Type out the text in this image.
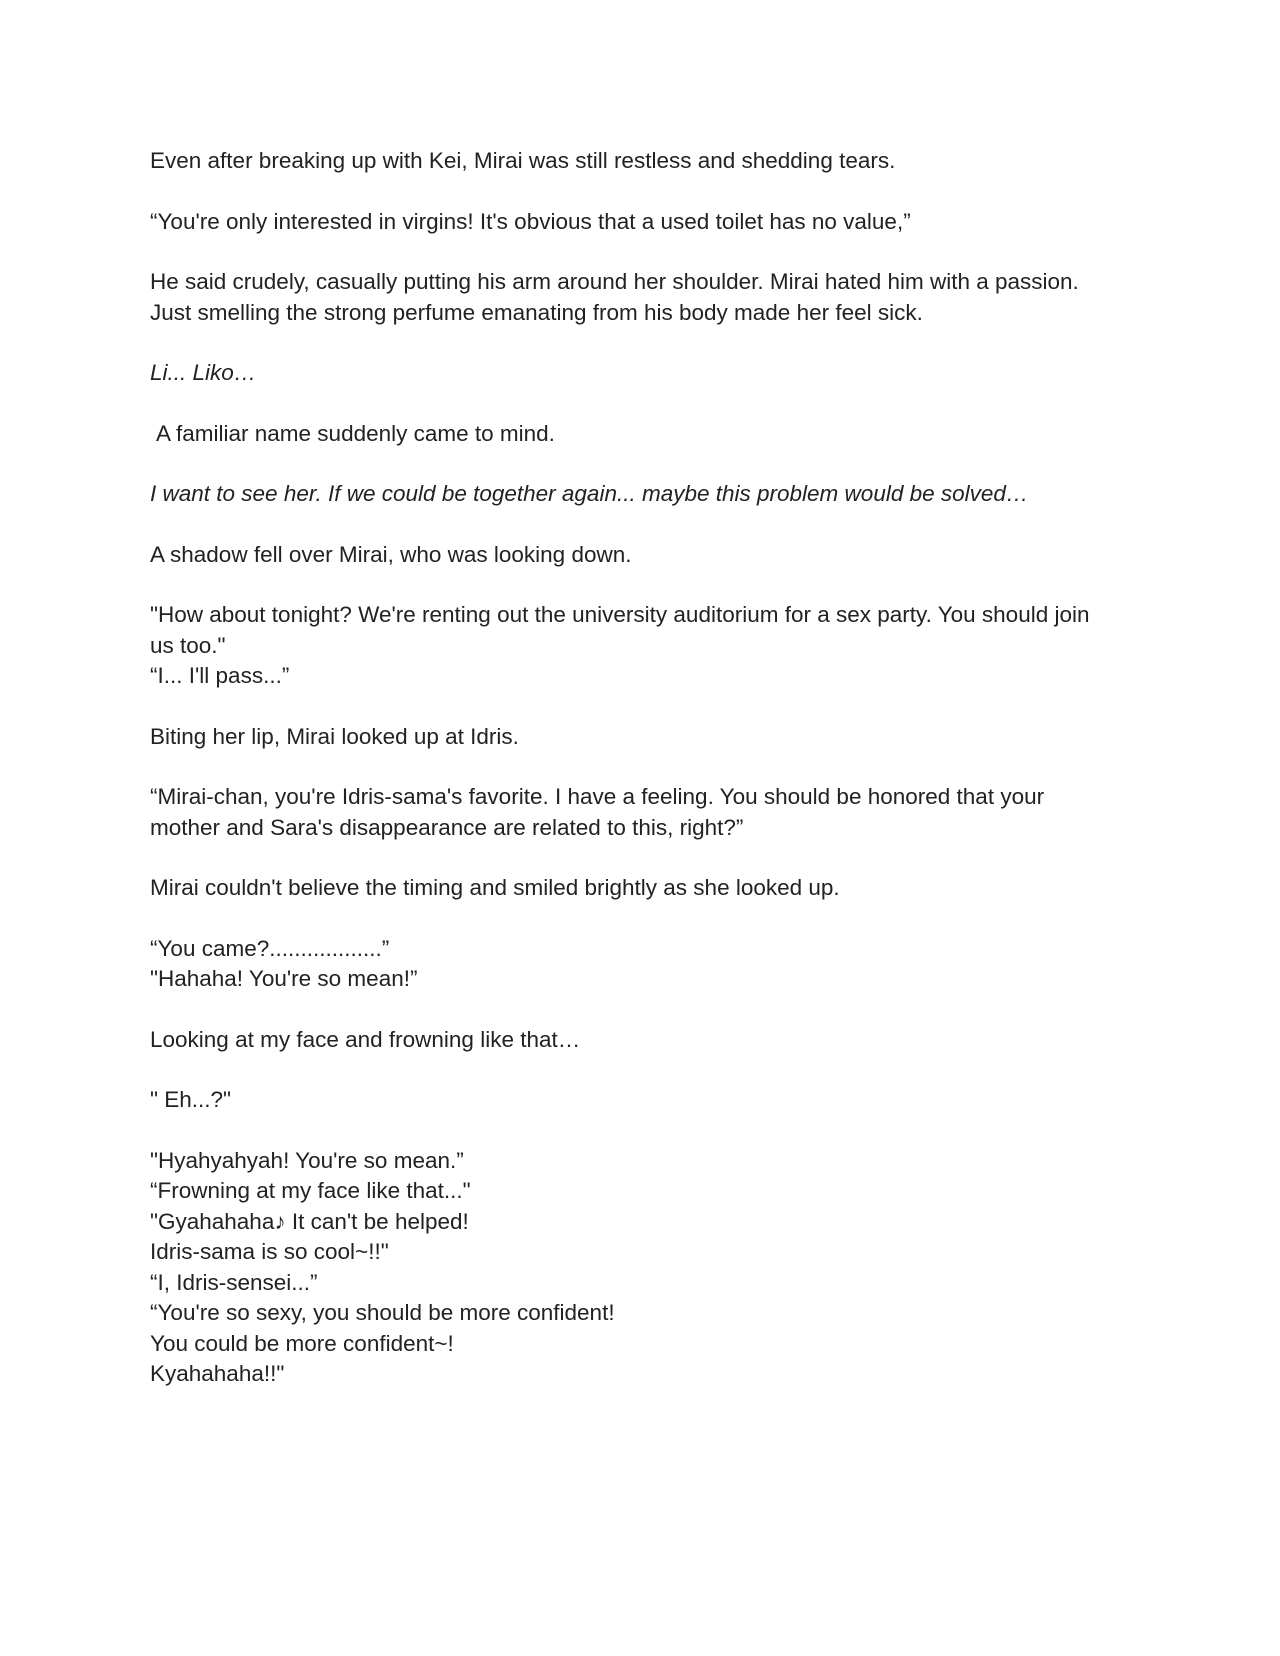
Even after breaking up with Kei, Mirai was still restless and shedding tears.

“You're only interested in virgins! It's obvious that a used toilet has no value,”

He said crudely, casually putting his arm around her shoulder. Mirai hated him with a passion.
Just smelling the strong perfume emanating from his body made her feel sick.

Li... Liko…

A familiar name suddenly came to mind.

I want to see her. If we could be together again... maybe this problem would be solved…

A shadow fell over Mirai, who was looking down.

"How about tonight? We're renting out the university auditorium for a sex party. You should join
us too."
“I... I'll pass...”

Biting her lip, Mirai looked up at Idris.

“Mirai-chan, you're Idris-sama's favorite. I have a feeling. You should be honored that your
mother and Sara's disappearance are related to this, right?”

Mirai couldn't believe the timing and smiled brightly as she looked up.

“You came?..................”
"Hahaha! You're so mean!”

Looking at my face and frowning like that…

" Eh...?"

"Hyahyahyah! You're so mean.”
“Frowning at my face like that..."
"Gyahahaha♪ It can't be helped!
Idris-sama is so cool~!!"
“I, Idris-sensei...”
“You're so sexy, you should be more confident!
You could be more confident~!
Kyahahaha!!"
